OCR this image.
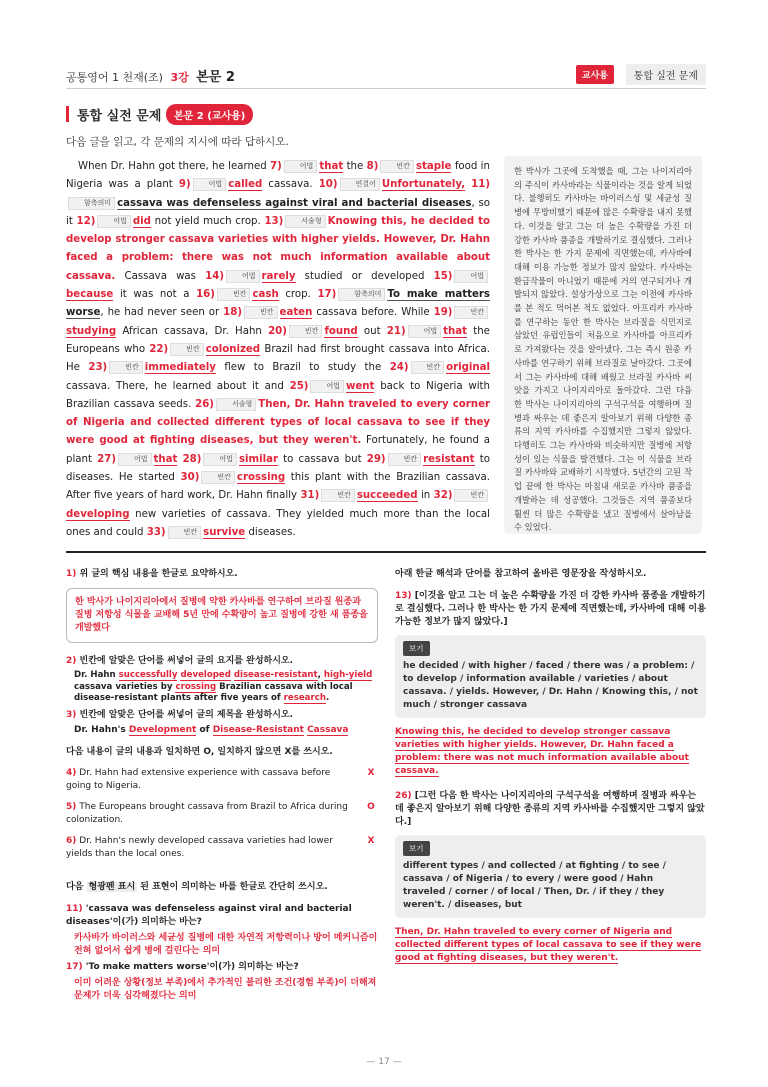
공통영어 1 천재(조) 3강 본문 2	교사용	통합 실전 문제
통합 실전 문제	본문 2 (교사용)
다음 글을 읽고, 각 문제의 지시에 따라 답하시오.

When Dr. Hahn got there, he learned 7)	어법 that the 8)	빈칸 staple food in Nigeria was a plant 9)	어법 called cassava. 10)	연결어 Unfortunately, 11)함축의미 cassava was defenseless against viral and bacterial diseases, so it 12)	어법 did not yield much crop. 13)	서술형 Knowing this, he decided to develop stronger cassava varieties with higher yields. However, Dr. Hahn faced a problem: there was not much information available about cassava. Cassava was 14)	어법 rarely studied or developed 15)	어법because it was not a 16)	빈칸 cash crop. 17)	함축의미 To make matters worse, he had never seen or 18)	빈칸 eaten cassava before. While 19)	빈칸studying African cassava, Dr. Hahn 20)	빈칸 found out 21)	어법 that the Europeans who 22)	빈칸 colonized Brazil had first brought cassava into Africa. He 23)	빈칸 immediately flew to Brazil to study the 24)	빈칸 original cassava. There, he learned about it and 25)	어법 went back to Nigeria with Brazilian cassava seeds. 26)	서술형 Then, Dr. Hahn traveled to every corner of Nigeria and collected different types of local cassava to see if they were good at fighting diseases, but they weren't. Fortunately, he found a plant 27)	어법 that 28)	어법 similar to cassava but 29)	빈칸 resistant to diseases. He started 30)	빈칸 crossing this plant with the Brazilian cassava. After five years of hard work, Dr. Hahn finally 31)	빈칸 succeeded in 32)	빈칸developing new varieties of cassava. They yielded much more than the local ones and could 33)	빈칸 survive diseases.

한 박사가 그곳에 도착했을 때, 그는 나이지리아의 주식이 카사바라는 식물이라는 것을 알게 되었다. 불행히도 카사바는 바이러스성 및 세균성 질병에 무방비했기 때문에 많은 수확량을 내지 못했다. 이것을 알고 그는 더 높은 수확량을 가진 더 강한 카사바 품종을 개발하기로 결심했다. 그러나 한 박사는 한 가지 문제에 직면했는데, 카사바에 대해 이용 가능한 정보가 많지 않았다. 카사바는 환금작물이 아니었기 때문에 거의 연구되거나 개발되지 않았다. 설상가상으로 그는 이전에 카사바를 본 적도 먹어본 적도 없었다. 아프리카 카사바를 연구하는 동안 한 박사는 브라질을 식민지로 삼았던 유럽인들이 처음으로 카사바를 아프리카로 가져왔다는 것을 알아냈다. 그는 즉시 원종 카사바를 연구하기 위해 브라질로 날아갔다. 그곳에서 그는 카사바에 대해 배웠고 브라질 카사바 씨앗을 가지고 나이지리아로 돌아갔다. 그런 다음 한 박사는 나이지리아의 구석구석을 여행하며 질병과 싸우는 데 좋은지 알아보기 위해 다양한 종류의 지역 카사바를 수집했지만 그렇지 않았다. 다행히도 그는 카사바와 비슷하지만 질병에 저항성이 있는 식물을 발견했다. 그는 이 식물을 브라질 카사바와 교배하기 시작했다. 5년간의 고된 작업 끝에 한 박사는 마침내 새로운 카사바 품종을 개발하는 데 성공했다. 그것들은 지역 품종보다 훨씬 더 많은 수확량을 냈고 질병에서 살아남을 수 있었다.
1) 위 글의 핵심 내용을 한글로 요약하시오.
한 박사가 나이지리아에서 질병에 약한 카사바를 연구하여 브라질 원종과 질병 저항성 식물을 교배해 5년 만에 수확량이 높고 질병에 강한 새 품종을 개발했다
2) 빈칸에 알맞은 단어를 써넣어 글의 요지를 완성하시오.
Dr. Hahn successfully developed disease-resistant, high-yield cassava varieties by crossing Brazilian cassava with local disease-resistant plants after five years of research.
3) 빈칸에 알맞은 단어를 써넣어 글의 제목을 완성하시오.
Dr. Hahn's Development of Disease-Resistant Cassava
다음 내용이 글의 내용과 일치하면 O, 일치하지 않으면 X를 쓰시오.
4) Dr. Hahn had extensive experience with cassava before going to Nigeria.
X
5) The Europeans brought cassava from Brazil to Africa during colonization.
O
6) Dr. Hahn's newly developed cassava varieties had lower yields than the local ones.
X
다음 형광펜 표시 된 표현이 의미하는 바를 한글로 간단히 쓰시오.
11) 'cassava was defenseless against viral and bacterial diseases'이(가) 의미하는 바는?
카사바가 바이러스와 세균성 질병에 대한 자연적 저항력이나 방어 메커니즘이 전혀 없어서 쉽게 병에 걸린다는 의미
17) 'To make matters worse'이(가) 의미하는 바는?
이미 어려운 상황(정보 부족)에서 추가적인 불리한 조건(경험 부족)이 더해져 문제가 더욱 심각해졌다는 의미
아래 한글 해석과 단어를 참고하여 올바른 영문장을 작성하시오.
13) [이것을 알고 그는 더 높은 수확량을 가진 더 강한 카사바 품종을 개발하기로 결심했다. 그러나 한 박사는 한 가지 문제에 직면했는데, 카사바에 대해 이용 가능한 정보가 많지 않았다.]
보기
he decided / with higher / faced / there was / a problem: / to develop / information available / varieties / about cassava. / yields. However, / Dr. Hahn / Knowing this, / not much / stronger cassava
Knowing this, he decided to develop stronger cassava varieties with higher yields. However, Dr. Hahn faced a problem: there was not much information available about cassava.
26) [그런 다음 한 박사는 나이지리아의 구석구석을 여행하며 질병과 싸우는 데 좋은지 알아보기 위해 다양한 종류의 지역 카사바를 수집했지만 그렇지 않았다.]
보기
different types / and collected / at fighting / to see / cassava / of Nigeria / to every / were good / Hahn traveled / corner / of local / Then, Dr. / if they / they weren't. / diseases, but
Then, Dr. Hahn traveled to every corner of Nigeria and collected different types of local cassava to see if they were good at fighting diseases, but they weren't.
— 17 —
